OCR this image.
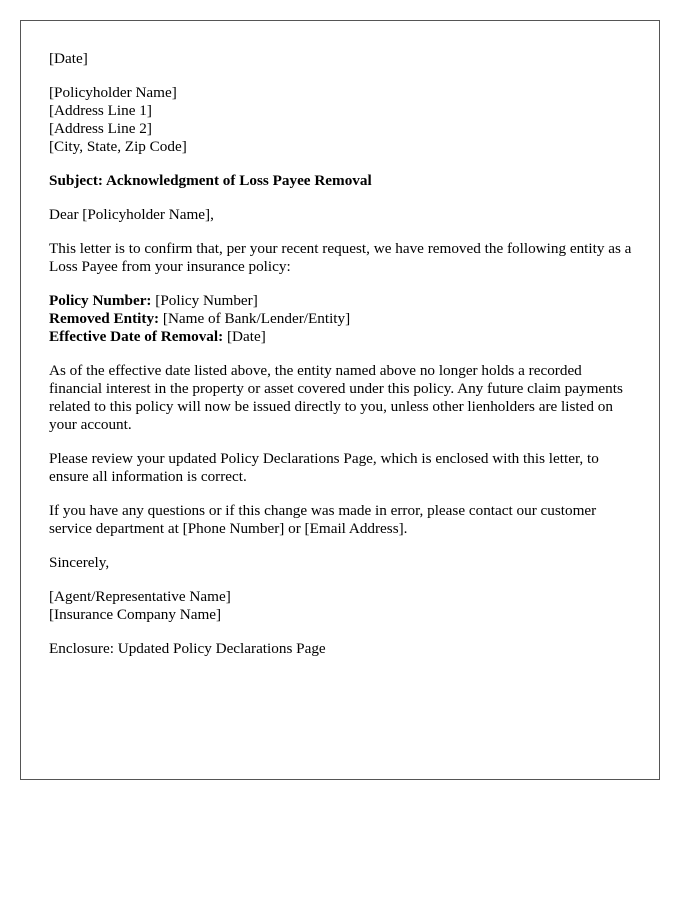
[Date]

[Policyholder Name]
[Address Line 1]
[Address Line 2]
[City, State, Zip Code]

Subject: Acknowledgment of Loss Payee Removal

Dear [Policyholder Name],

This letter is to confirm that, per your recent request, we have removed the following entity as a Loss Payee from your insurance policy:

Policy Number: [Policy Number]
Removed Entity: [Name of Bank/Lender/Entity]
Effective Date of Removal: [Date]

As of the effective date listed above, the entity named above no longer holds a recorded financial interest in the property or asset covered under this policy. Any future claim payments related to this policy will now be issued directly to you, unless other lienholders are listed on your account.

Please review your updated Policy Declarations Page, which is enclosed with this letter, to ensure all information is correct.

If you have any questions or if this change was made in error, please contact our customer service department at [Phone Number] or [Email Address].

Sincerely,

[Agent/Representative Name]
[Insurance Company Name]

Enclosure: Updated Policy Declarations Page
